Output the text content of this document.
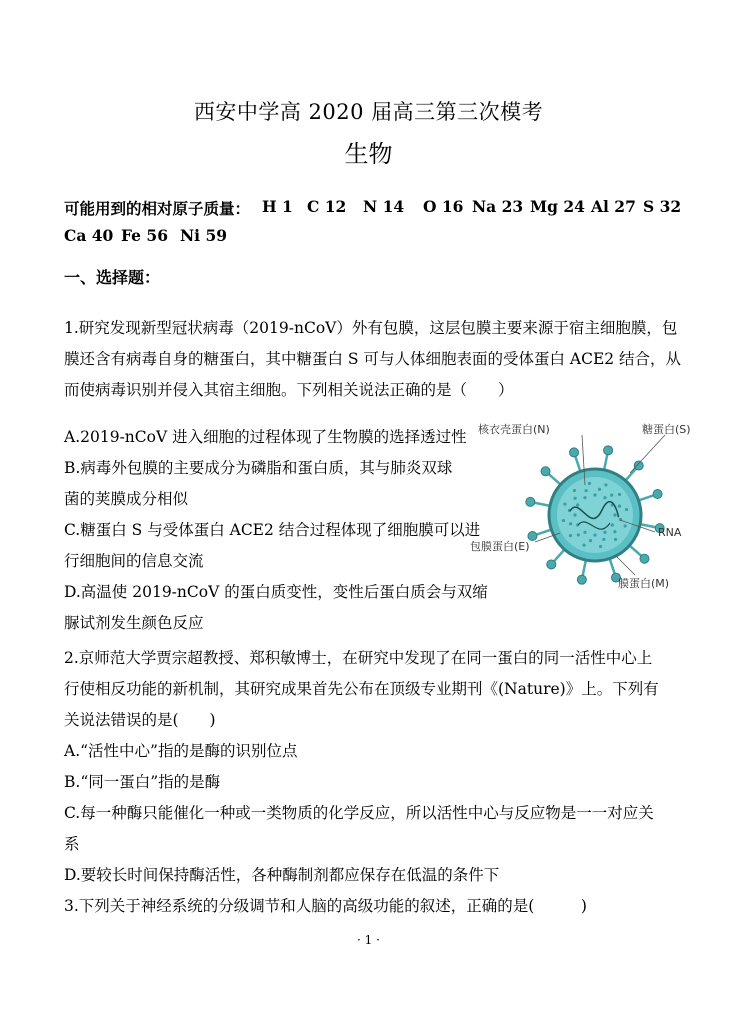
西安中学高 2020 届高三第三次模考
生物
可能用到的相对原子质量： H 1 C 12 N 14 O 16 Na 23 Mg 24 Al 27 S 32
Ca 40 Fe 56 Ni 59
一、选择题：
1.研究发现新型冠状病毒（2019-nCoV）外有包膜，这层包膜主要来源于宿主细胞膜，包
膜还含有病毒自身的糖蛋白，其中糖蛋白 S 可与人体细胞表面的受体蛋白 ACE2 结合，从
而使病毒识别并侵入其宿主细胞。下列相关说法正确的是（　　）
A.2019-nCoV 进入细胞的过程体现了生物膜的选择透过性
B.病毒外包膜的主要成分为磷脂和蛋白质，其与肺炎双球
菌的荚膜成分相似
C.糖蛋白 S 与受体蛋白 ACE2 结合过程体现了细胞膜可以进
行细胞间的信息交流
D.高温使 2019-nCoV 的蛋白质变性，变性后蛋白质会与双缩
脲试剂发生颜色反应
核衣壳蛋白(N)	糖蛋白(S)
RNA
包膜蛋白(E)
膜蛋白(M)
2.京师范大学贾宗超教授、郑积敏博士，在研究中发现了在同一蛋白的同一活性中心上
行使相反功能的新机制，其研究成果首先公布在顶级专业期刊《(Nature)》上。下列有
关说法错误的是(　　)
A.“活性中心”指的是酶的识别位点
B.“同一蛋白”指的是酶
C.每一种酶只能催化一种或一类物质的化学反应，所以活性中心与反应物是一一对应关
系
D.要较长时间保持酶活性，各种酶制剂都应保存在低温的条件下
3.下列关于神经系统的分级调节和人脑的高级功能的叙述，正确的是(　　　)
· 1 ·
